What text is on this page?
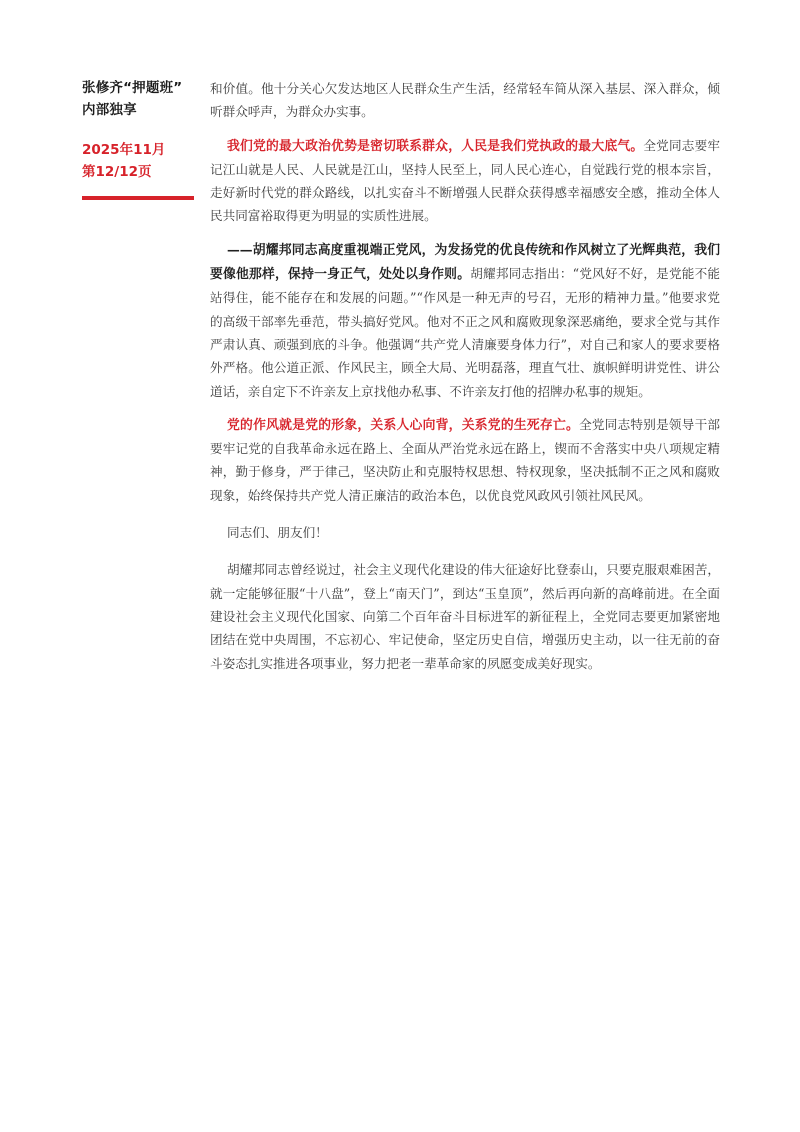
张修齐“押题班”
内部独享
2025年11月
第12/12页

和价值。他十分关心欠发达地区人民群众生产生活，经常轻车简从深入基层、深入群众，倾听群众呼声，为群众办实事。

我们党的最大政治优势是密切联系群众，人民是我们党执政的最大底气。全党同志要牢记江山就是人民、人民就是江山，坚持人民至上，同人民心连心，自觉践行党的根本宗旨，走好新时代党的群众路线，以扎实奋斗不断增强人民群众获得感幸福感安全感，推动全体人民共同富裕取得更为明显的实质性进展。

——胡耀邦同志高度重视端正党风，为发扬党的优良传统和作风树立了光辉典范，我们要像他那样，保持一身正气，处处以身作则。胡耀邦同志指出：“党风好不好，是党能不能站得住，能不能存在和发展的问题。”“作风是一种无声的号召，无形的精神力量。”他要求党的高级干部率先垂范，带头搞好党风。他对不正之风和腐败现象深恶痛绝，要求全党与其作严肃认真、顽强到底的斗争。他强调“共产党人清廉要身体力行”，对自己和家人的要求要格外严格。他公道正派、作风民主，顾全大局、光明磊落，理直气壮、旗帜鲜明讲党性、讲公道话，亲自定下不许亲友上京找他办私事、不许亲友打他的招牌办私事的规矩。

党的作风就是党的形象，关系人心向背，关系党的生死存亡。全党同志特别是领导干部要牢记党的自我革命永远在路上、全面从严治党永远在路上，锲而不舍落实中央八项规定精神，勤于修身，严于律己，坚决防止和克服特权思想、特权现象，坚决抵制不正之风和腐败现象，始终保持共产党人清正廉洁的政治本色，以优良党风政风引领社风民风。

同志们、朋友们！

胡耀邦同志曾经说过，社会主义现代化建设的伟大征途好比登泰山，只要克服艰难困苦，就一定能够征服“十八盘”，登上“南天门”，到达“玉皇顶”，然后再向新的高峰前进。在全面建设社会主义现代化国家、向第二个百年奋斗目标进军的新征程上，全党同志要更加紧密地团结在党中央周围，不忘初心、牢记使命，坚定历史自信，增强历史主动，以一往无前的奋斗姿态扎实推进各项事业，努力把老一辈革命家的夙愿变成美好现实。
